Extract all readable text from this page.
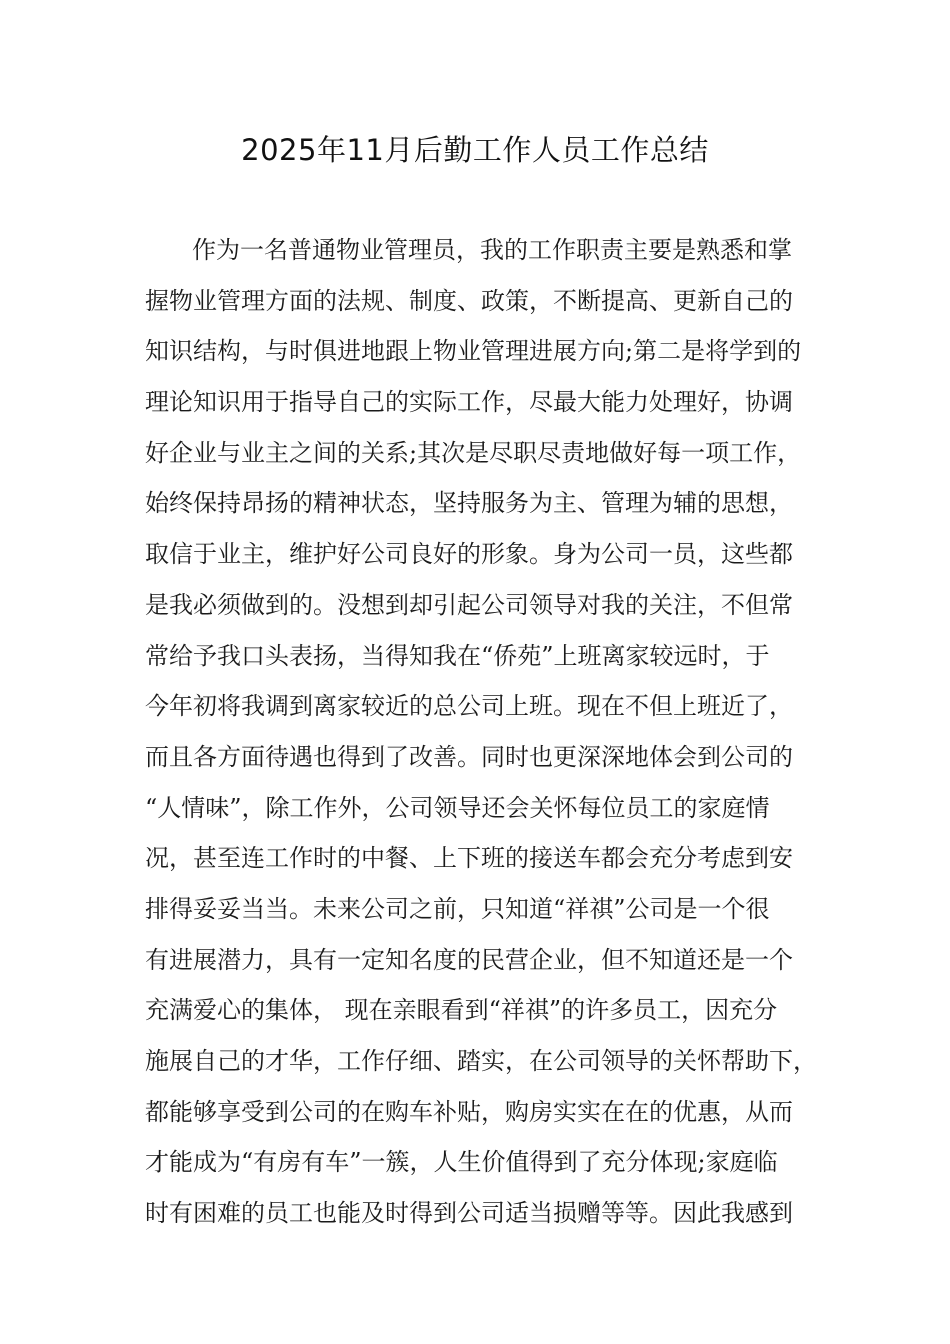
2025年11月后勤工作人员工作总结
作为一名普通物业管理员，我的工作职责主要是熟悉和掌
握物业管理方面的法规、制度、政策，不断提高、更新自己的
知识结构，与时俱进地跟上物业管理进展方向;第二是将学到的
理论知识用于指导自己的实际工作，尽最大能力处理好，协调
好企业与业主之间的关系;其次是尽职尽责地做好每一项工作，
始终保持昂扬的精神状态，坚持服务为主、管理为辅的思想，
取信于业主，维护好公司良好的形象。身为公司一员，这些都
是我必须做到的。没想到却引起公司领导对我的关注，不但常
常给予我口头表扬，当得知我在“侨苑”上班离家较远时，于
今年初将我调到离家较近的总公司上班。现在不但上班近了，
而且各方面待遇也得到了改善。同时也更深深地体会到公司的
“人情味”，除工作外，公司领导还会关怀每位员工的家庭情
况，甚至连工作时的中餐、上下班的接送车都会充分考虑到安
排得妥妥当当。未来公司之前，只知道“祥祺”公司是一个很
有进展潜力，具有一定知名度的民营企业，但不知道还是一个
充满爱心的集体， 现在亲眼看到“祥祺”的许多员工，因充分
施展自己的才华，工作仔细、踏实，在公司领导的关怀帮助下，
都能够享受到公司的在购车补贴，购房实实在在的优惠，从而
才能成为“有房有车”一簇，人生价值得到了充分体现;家庭临
时有困难的员工也能及时得到公司适当损赠等等。因此我感到
